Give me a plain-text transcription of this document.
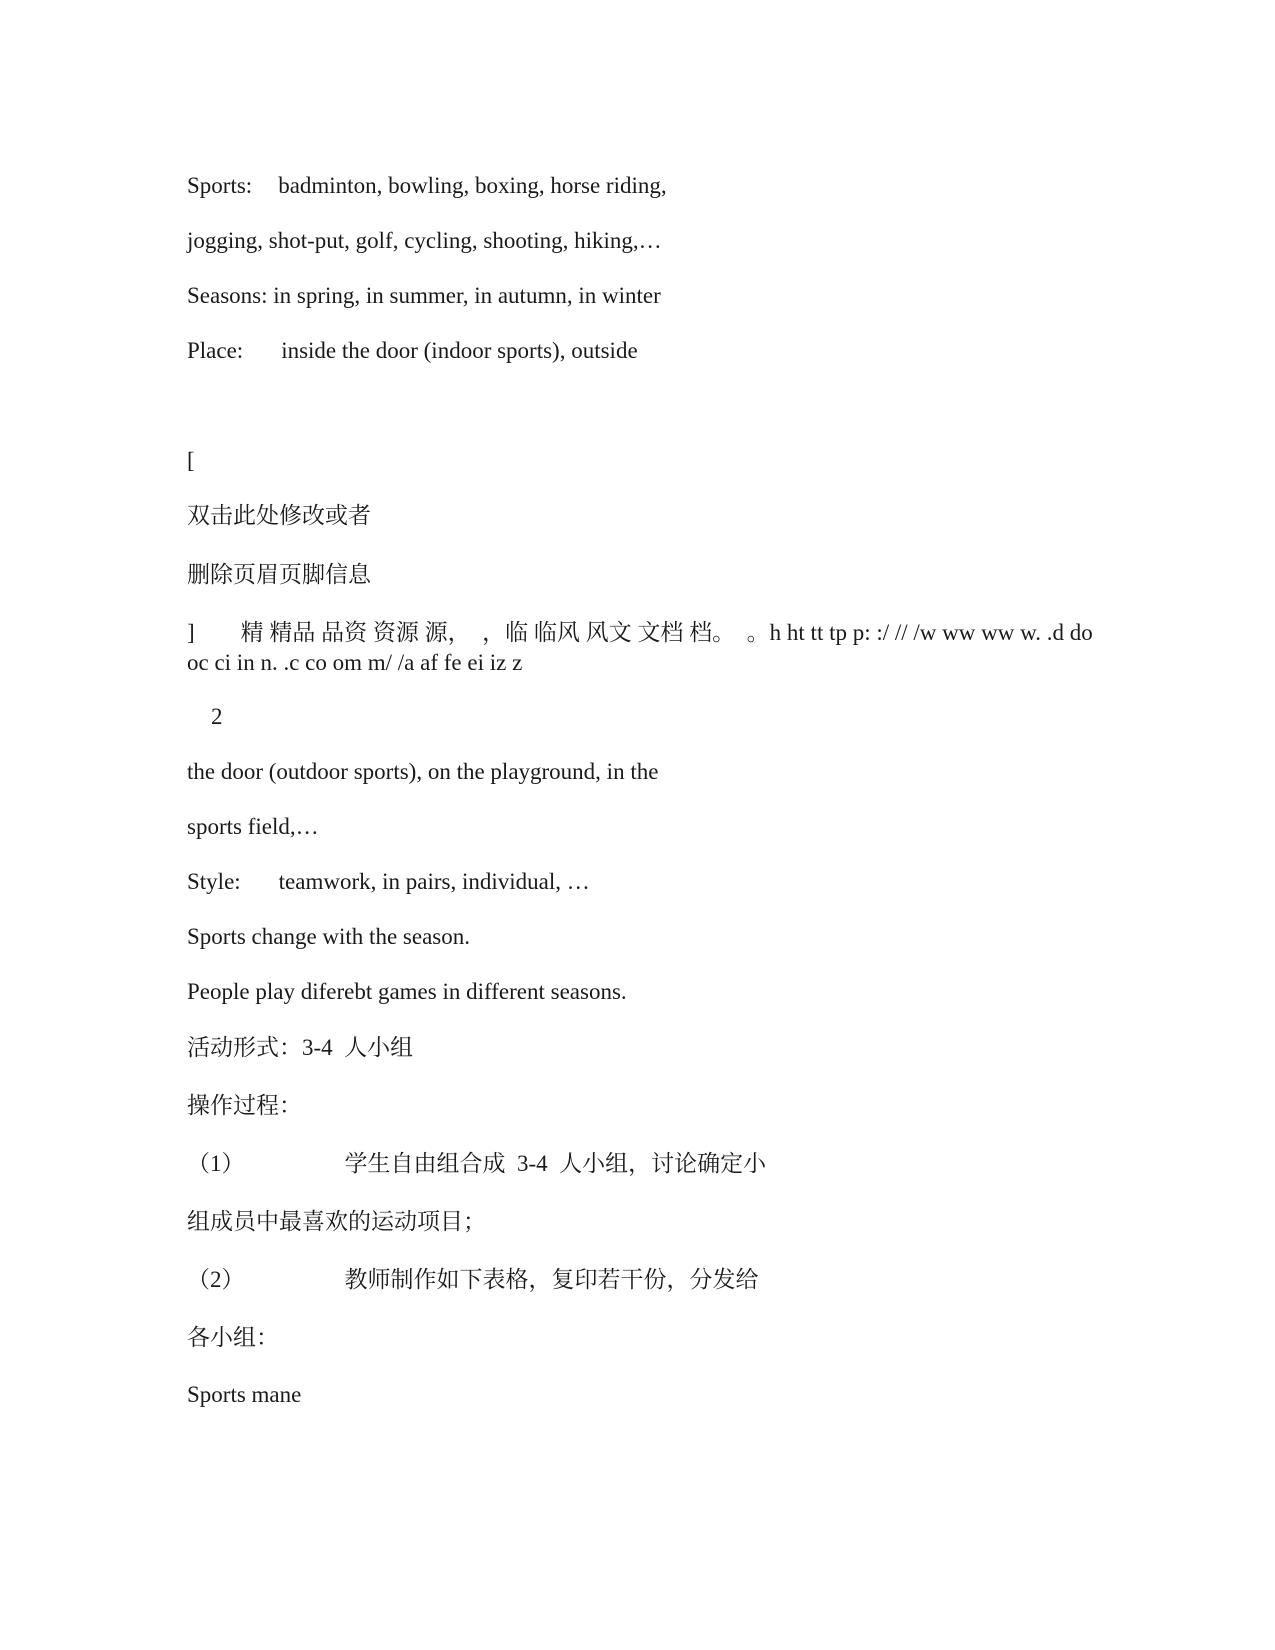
Sports: badminton, bowling, boxing, horse riding,
jogging, shot-put, golf, cycling, shooting, hiking,…
Seasons: in spring, in summer, in autumn, in winter
Place: inside the door (indoor sports), outside
[
双击此处修改或者
删除页眉页脚信息
]　　精 精品 品资 资源 源，　，临 临风 风文 文档 档。　。h ht tt tp p: :/ // /w ww ww w. .d do oc ci in n. .c co om m/ /a af fe ei iz z
2
the door (outdoor sports), on the playground, in the
sports field,…
Style: teamwork, in pairs, individual, …
Sports change with the season.
People play diferebt games in different seasons.
活动形式：3-4  人小组
操作过程：
（1）	学生自由组合成  3-4  人小组，讨论确定小
组成员中最喜欢的运动项目；
（2）	教师制作如下表格，复印若干份，分发给
各小组：
Sports mane
